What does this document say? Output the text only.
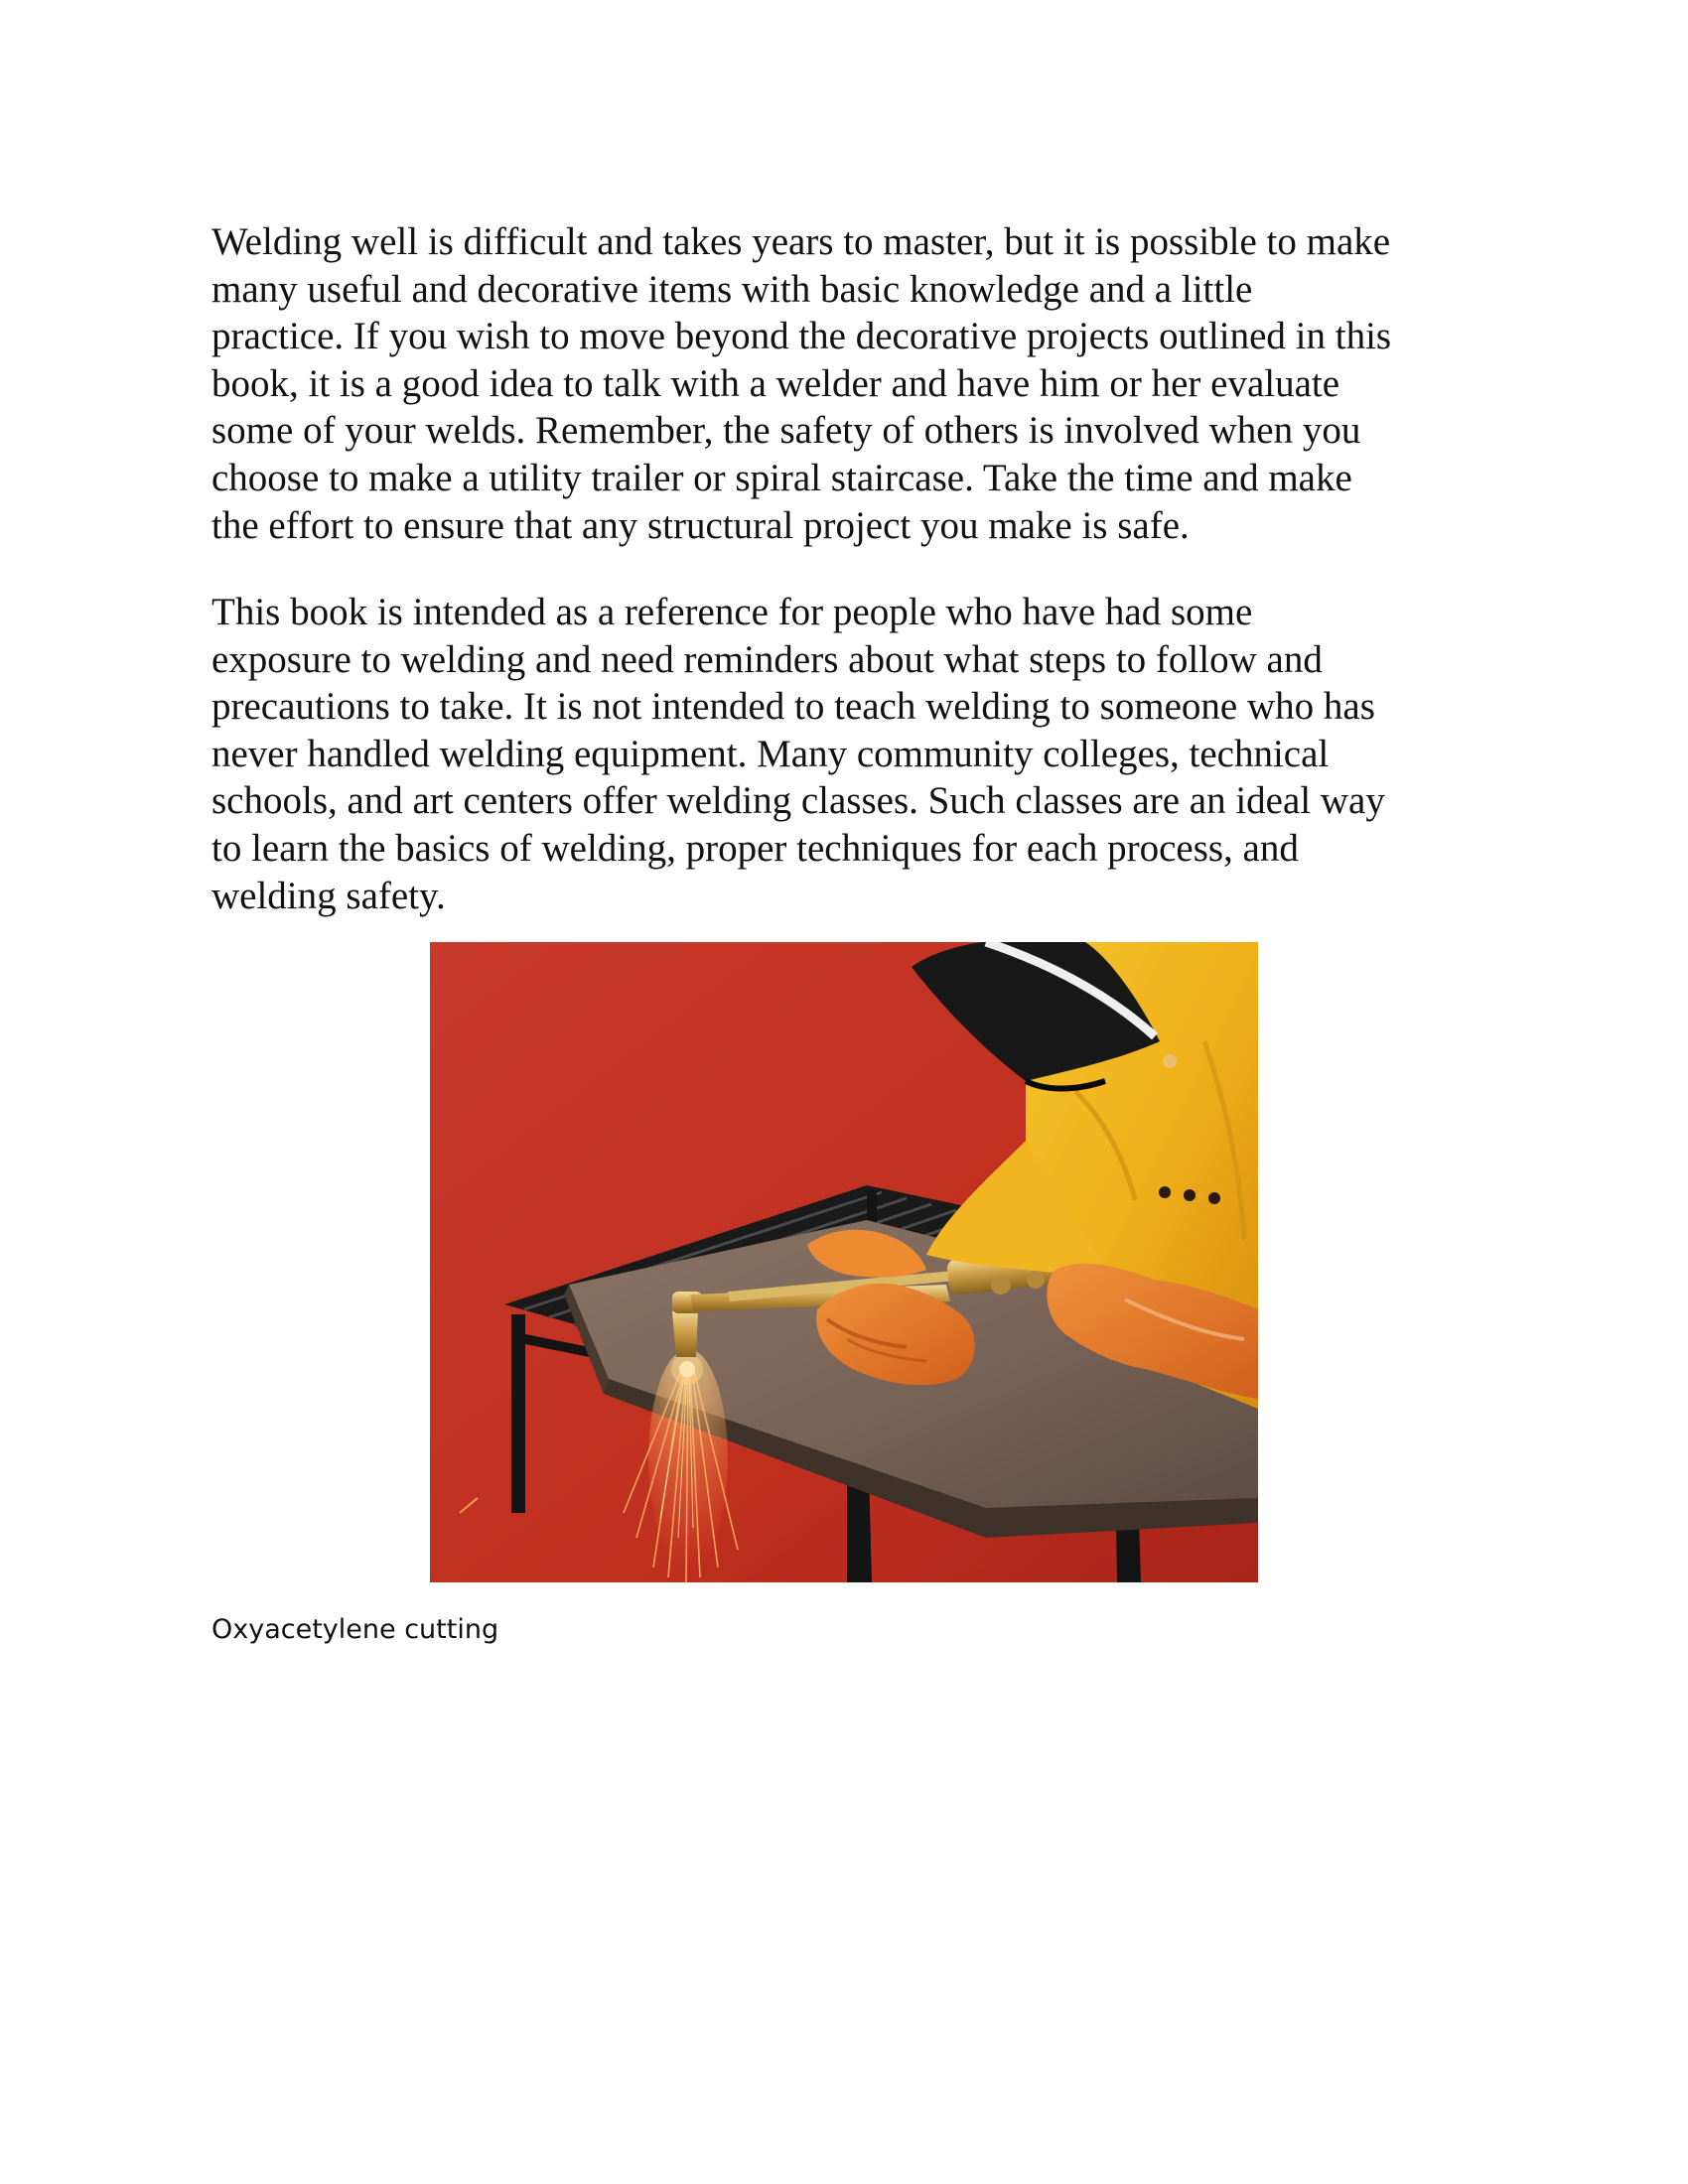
Welding well is difficult and takes years to master, but it is possible to make
many useful and decorative items with basic knowledge and a little
practice. If you wish to move beyond the decorative projects outlined in this
book, it is a good idea to talk with a welder and have him or her evaluate
some of your welds. Remember, the safety of others is involved when you
choose to make a utility trailer or spiral staircase. Take the time and make
the effort to ensure that any structural project you make is safe.

This book is intended as a reference for people who have had some
exposure to welding and need reminders about what steps to follow and
precautions to take. It is not intended to teach welding to someone who has
never handled welding equipment. Many community colleges, technical
schools, and art centers offer welding classes. Such classes are an ideal way
to learn the basics of welding, proper techniques for each process, and
welding safety.

Oxyacetylene cutting
